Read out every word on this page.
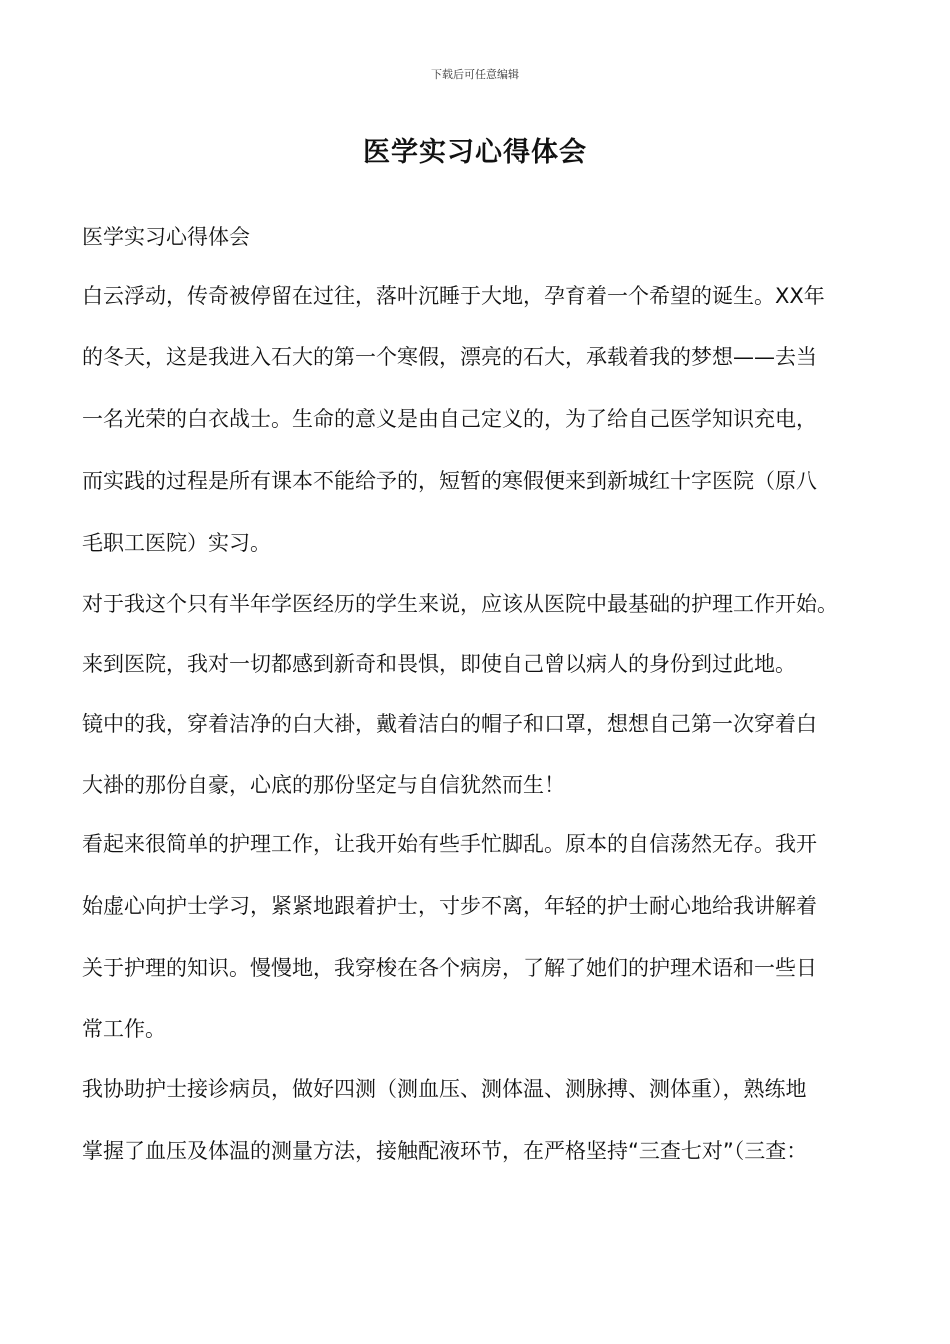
下载后可任意编辑
医学实习心得体会
医学实习心得体会
白云浮动，传奇被停留在过往，落叶沉睡于大地，孕育着一个希望的诞生。XX年
的冬天，这是我进入石大的第一个寒假，漂亮的石大，承载着我的梦想——去当
一名光荣的白衣战士。生命的意义是由自己定义的，为了给自己医学知识充电，
而实践的过程是所有课本不能给予的，短暂的寒假便来到新城红十字医院（原八
毛职工医院）实习。
对于我这个只有半年学医经历的学生来说，应该从医院中最基础的护理工作开始。
来到医院，我对一切都感到新奇和畏惧，即使自己曾以病人的身份到过此地。
镜中的我，穿着洁净的白大褂，戴着洁白的帽子和口罩，想想自己第一次穿着白
大褂的那份自豪，心底的那份坚定与自信犹然而生！
看起来很简单的护理工作，让我开始有些手忙脚乱。原本的自信荡然无存。我开
始虚心向护士学习，紧紧地跟着护士，寸步不离，年轻的护士耐心地给我讲解着
关于护理的知识。慢慢地，我穿梭在各个病房，了解了她们的护理术语和一些日
常工作。
我协助护士接诊病员，做好四测（测血压、测体温、测脉搏、测体重），熟练地
掌握了血压及体温的测量方法，接触配液环节，在严格坚持“三查七对”（三查：
